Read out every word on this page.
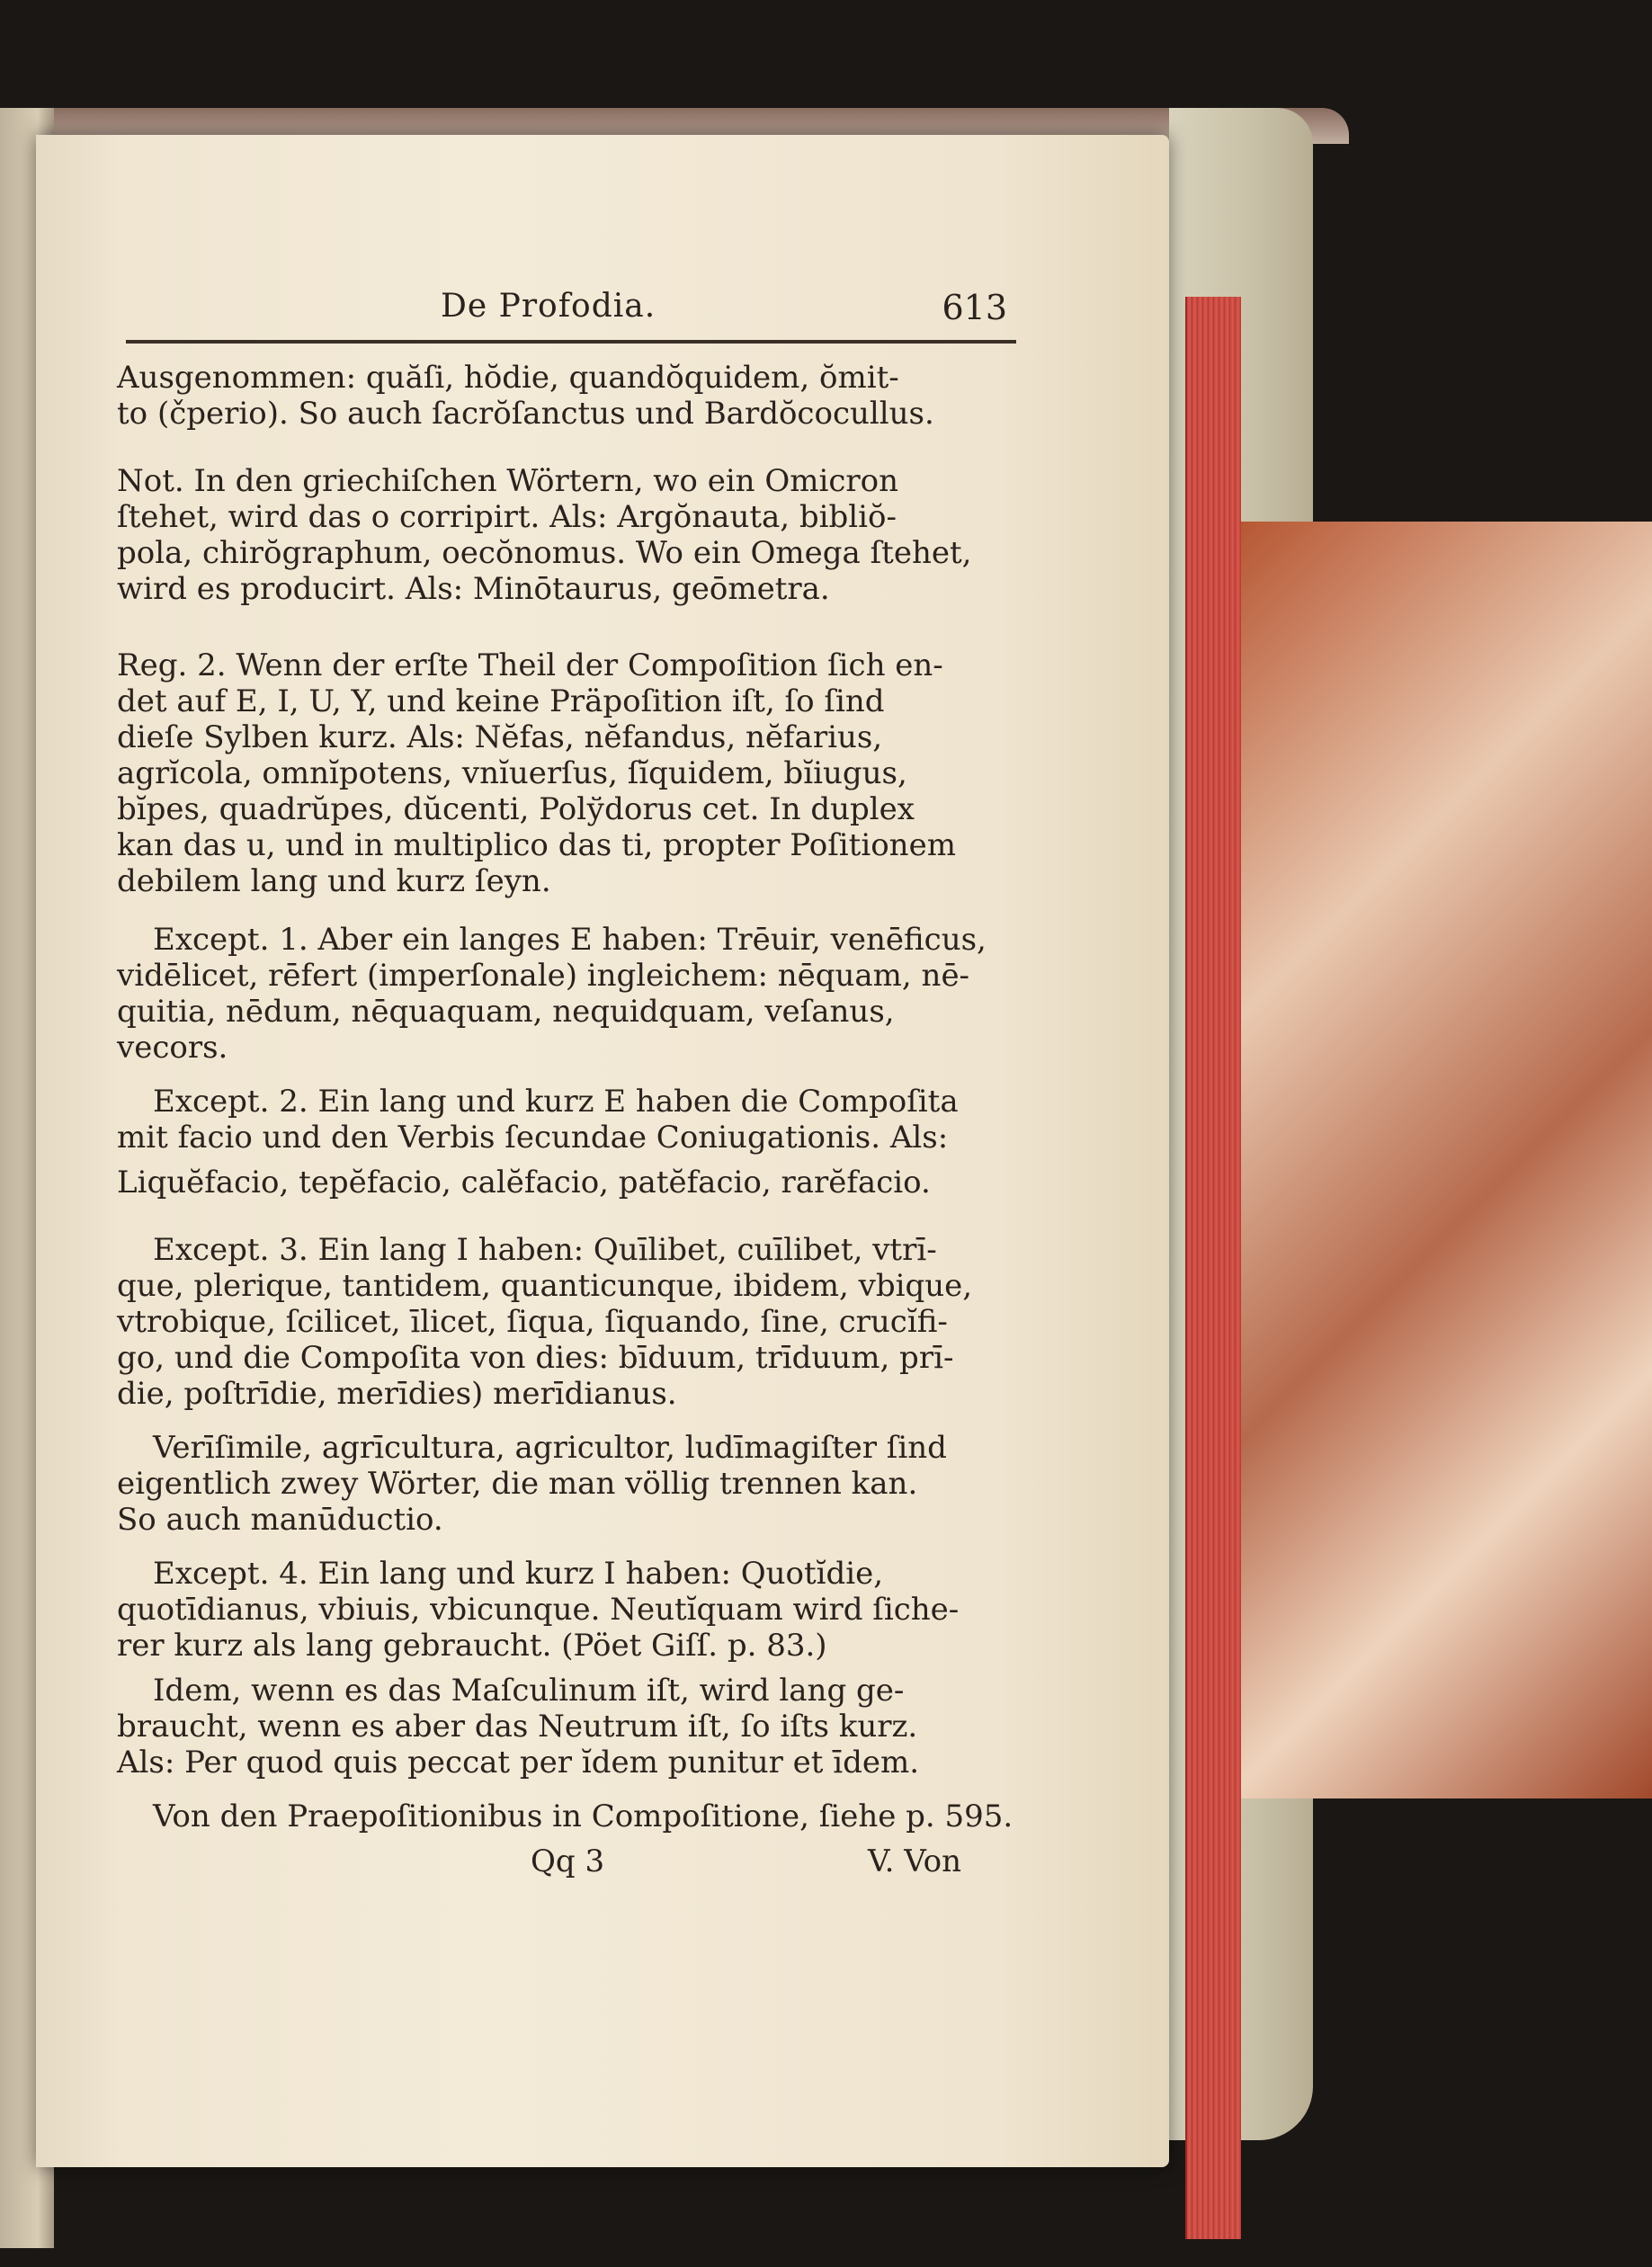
De Profodia.	613
Ausgenommen: quăſi, hŏdie, quandŏquidem, ŏmit-
to (čperio). So auch ſacrŏſanctus und Bardŏcocullus.
Not. In den griechiſchen Wörtern, wo ein Omicron
ſtehet, wird das o corripirt. Als: Argŏnauta, bibliŏ-
pola, chirŏgraphum, oecŏnomus. Wo ein Omega ſtehet,
wird es producirt. Als: Minōtaurus, geōmetra.
Reg. 2. Wenn der erſte Theil der Compoſition ſich en-
det auf E, I, U, Y, und keine Präpoſition iſt, ſo ſind
dieſe Sylben kurz. Als: Nĕfas, nĕfandus, nĕfarius,
agrĭcola, omnĭpotens, vnĭuerſus, ſĭquidem, bĭiugus,
bĭpes, quadrŭpes, dŭcenti, Polўdorus cet. In duplex
kan das u, und in multiplico das ti, propter Poſitionem
debilem lang und kurz ſeyn.
Except. 1. Aber ein langes E haben: Trēuir, venēficus,
vidēlicet, rēfert (imperſonale) ingleichem: nēquam, nē-
quitia, nēdum, nēquaquam, nequidquam, veſanus,
vecors.
Except. 2. Ein lang und kurz E haben die Compoſita
mit facio und den Verbis ſecundae Coniugationis. Als:
Liquĕfacio, tepĕfacio, calĕfacio, patĕfacio, rarĕfacio.
Except. 3. Ein lang I haben: Quīlibet, cuīlibet, vtrī-
que, plerique, tantidem, quanticunque, ibidem, vbique,
vtrobique, ſcilicet, īlicet, ſiqua, ſiquando, ſine, crucĭfi-
go, und die Compoſita von dies: bīduum, trīduum, prī-
die, poſtrīdie, merīdies) merīdianus.
Verīſimile, agrīcultura, agricultor, ludīmagiſter ſind
eigentlich zwey Wörter, die man völlig trennen kan.
So auch manūductio.
Except. 4. Ein lang und kurz I haben: Quotĭdie,
quotīdianus, vbiuis, vbicunque. Neutĭquam wird ſiche-
rer kurz als lang gebraucht. (Pöet Giſſ. p. 83.)
Idem, wenn es das Maſculinum iſt, wird lang ge-
braucht, wenn es aber das Neutrum iſt, ſo iſts kurz.
Als: Per quod quis peccat per ĭdem punitur et īdem.
Von den Praepoſitionibus in Compoſitione, ſiehe p. 595.
Qq 3	V. Von
